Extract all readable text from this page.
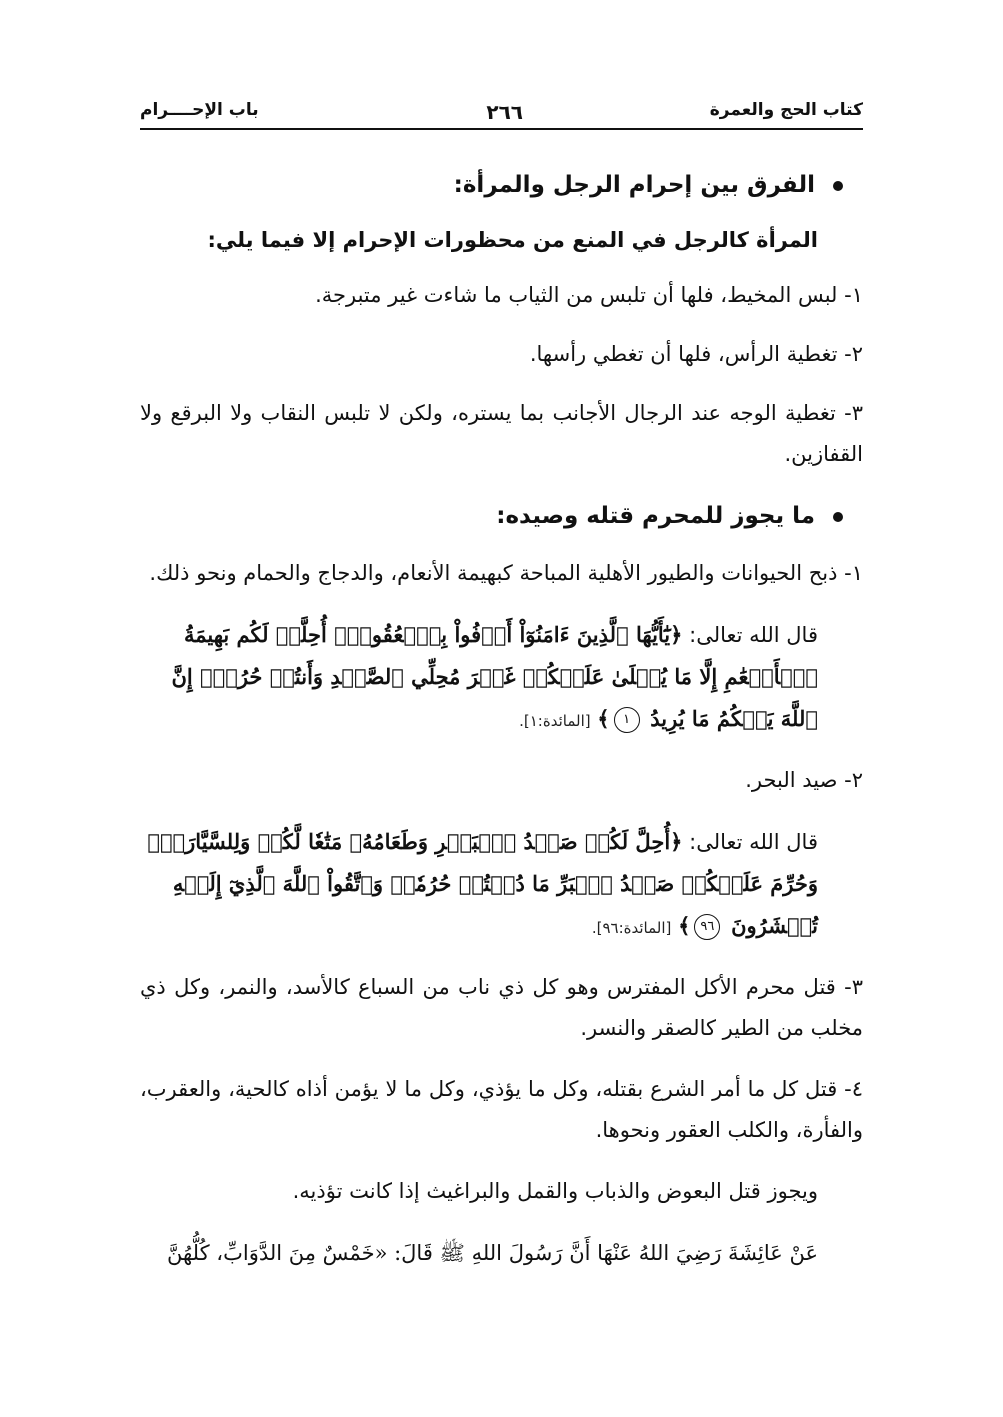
كتاب الحج والعمرة
٢٦٦
باب الإحــــرام

الفرق بين إحرام الرجل والمرأة:

المرأة كالرجل في المنع من محظورات الإحرام إلا فيما يلي:

١- لبس المخيط، فلها أن تلبس من الثياب ما شاءت غير متبرجة.

٢- تغطية الرأس، فلها أن تغطي رأسها.

٣- تغطية الوجه عند الرجال الأجانب بما يستره، ولكن لا تلبس النقاب ولا البرقع ولا القفازين.

ما يجوز للمحرم قتله وصيده:

١- ذبح الحيوانات والطيور الأهلية المباحة كبهيمة الأنعام، والدجاج والحمام ونحو ذلك.

قال الله تعالى: ﴿يَٰٓأَيُّهَا ٱلَّذِينَ ءَامَنُوٓاْ أَوۡفُواْ بِٱلۡعُقُودِۚ أُحِلَّتۡ لَكُم بَهِيمَةُ ٱلۡأَنۡعَٰمِ إِلَّا مَا يُتۡلَىٰ عَلَيۡكُمۡ غَيۡرَ مُحِلِّي ٱلصَّيۡدِ وَأَنتُمۡ حُرُمٌۗ إِنَّ ٱللَّهَ يَحۡكُمُ مَا يُرِيدُ ١﴾ [المائدة:١].

٢- صيد البحر.

قال الله تعالى: ﴿أُحِلَّ لَكُمۡ صَيۡدُ ٱلۡبَحۡرِ وَطَعَامُهُۥ مَتَٰعٗا لَّكُمۡ وَلِلسَّيَّارَةِۖ وَحُرِّمَ عَلَيۡكُمۡ صَيۡدُ ٱلۡبَرِّ مَا دُمۡتُمۡ حُرُمٗاۗ وَٱتَّقُواْ ٱللَّهَ ٱلَّذِيٓ إِلَيۡهِ تُحۡشَرُونَ ٩٦﴾ [المائدة:٩٦].

٣- قتل محرم الأكل المفترس وهو كل ذي ناب من السباع كالأسد، والنمر، وكل ذي مخلب من الطير كالصقر والنسر.

٤- قتل كل ما أمر الشرع بقتله، وكل ما يؤذي، وكل ما لا يؤمن أذاه كالحية، والعقرب، والفأرة، والكلب العقور ونحوها.

ويجوز قتل البعوض والذباب والقمل والبراغيث إذا كانت تؤذيه.

عَنْ عَائِشَةَ رَضِيَ اللهُ عَنْهَا أَنَّ رَسُولَ اللهِ ﷺ قَالَ: «خَمْسٌ مِنَ الدَّوَابِّ، كُلُّهُنَّ
